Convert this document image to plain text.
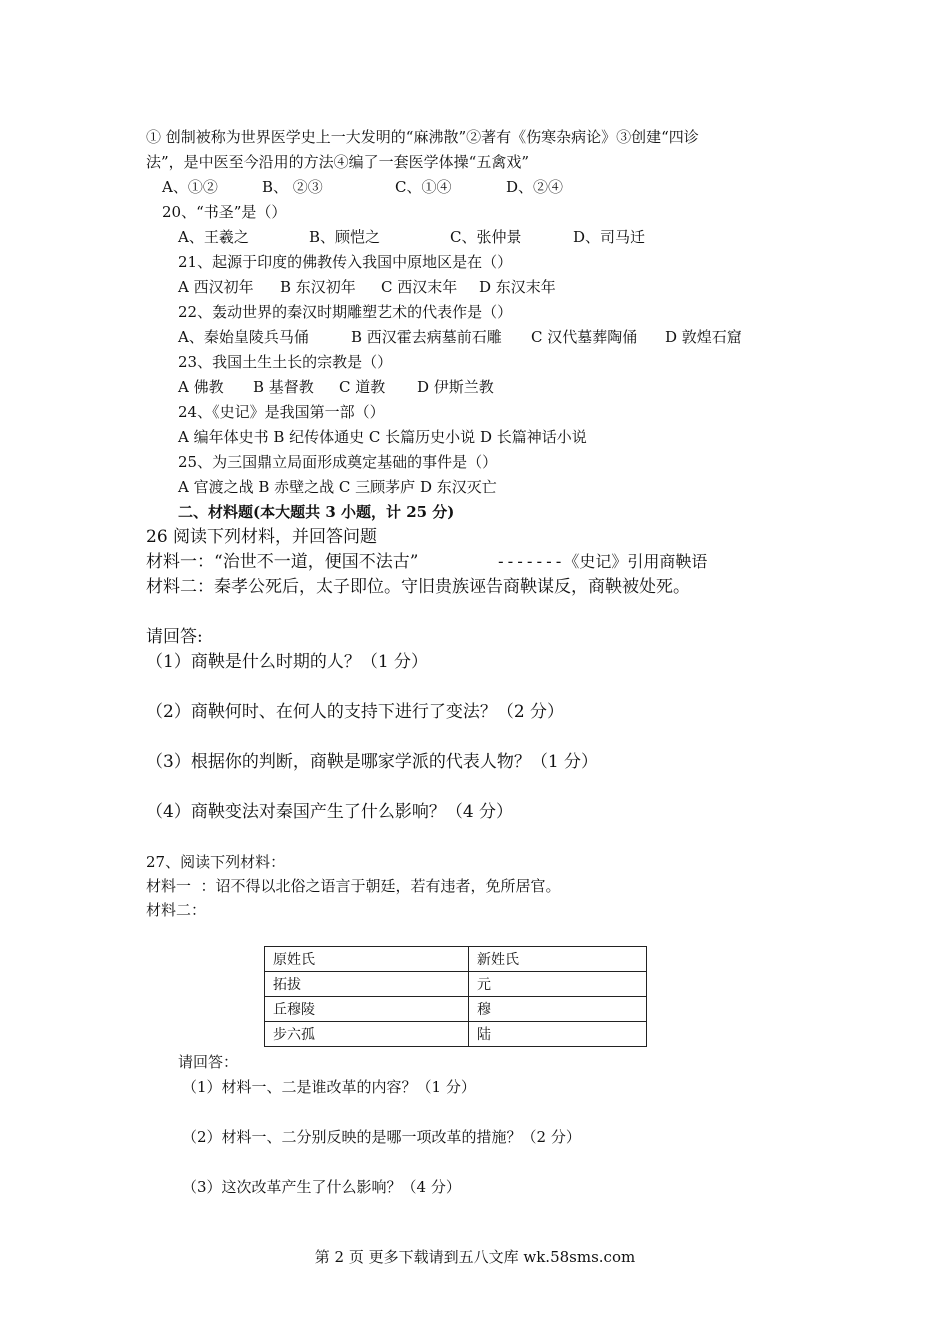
① 创制被称为世界医学史上一大发明的“麻沸散”②著有《伤寒杂病论》③创建“四诊
法”，是中医至今沿用的方法④编了一套医学体操“五禽戏”
A、①②	B、 ②③	C、①④	D、②④
20、“书圣”是（）
A、王羲之	B、顾恺之	C、张仲景	D、司马迁
21、起源于印度的佛教传入我国中原地区是在（）
A 西汉初年 B 东汉初年 C 西汉末年 D 东汉末年
22、轰动世界的秦汉时期雕塑艺术的代表作是（）
A、秦始皇陵兵马俑	B 西汉霍去病墓前石雕 C 汉代墓葬陶俑 D 敦煌石窟
23、我国土生土长的宗教是（）
A 佛教 B 基督教 C 道教 D 伊斯兰教
24、《史记》是我国第一部（）
A 编年体史书 B 纪传体通史 C 长篇历史小说 D 长篇神话小说
25、为三国鼎立局面形成奠定基础的事件是（）
A 官渡之战 B 赤壁之战 C 三顾茅庐 D 东汉灭亡
二、材料题(本大题共 3 小题，计 25 分)
26 阅读下列材料，并回答问题
材料一：“治世不一道，便国不法古”	-------《史记》引用商鞅语
材料二：秦孝公死后，太子即位。守旧贵族诬告商鞅谋反，商鞅被处死。
请回答:
（1）商鞅是什么时期的人？（1 分）
（2）商鞅何时、在何人的支持下进行了变法？（2 分）
（3）根据你的判断，商鞅是哪家学派的代表人物？（1 分）
（4）商鞅变法对秦国产生了什么影响？（4 分）
27、阅读下列材料：
材料一  ：诏不得以北俗之语言于朝廷，若有违者，免所居官。
材料二：
原姓氏	新姓氏
拓拔	元
丘穆陵	穆
步六孤	陆
请回答：
（1）材料一、二是谁改革的内容？（1 分）
（2）材料一、二分别反映的是哪一项改革的措施？（2 分）
（3）这次改革产生了什么影响？（4 分）
第 2 页 更多下载请到五八文库 wk.58sms.com
